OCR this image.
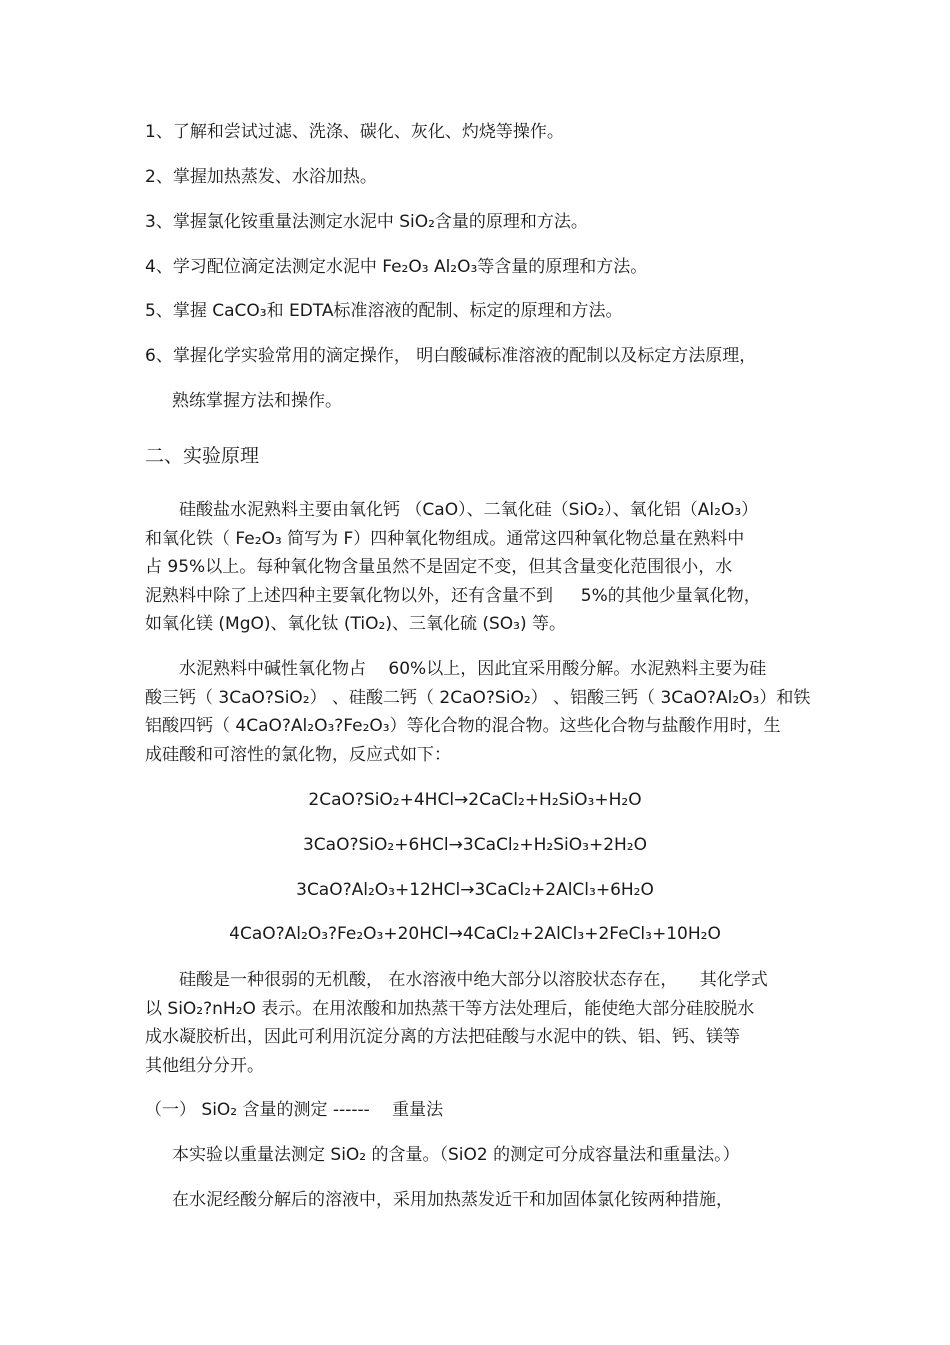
1、了解和尝试过滤、洗涤、碳化、灰化、灼烧等操作。
2、掌握加热蒸发、水浴加热。
3、掌握氯化铵重量法测定水泥中 SiO₂含量的原理和方法。
4、学习配位滴定法测定水泥中 Fe₂O₃ Al₂O₃等含量的原理和方法。
5、掌握 CaCO₃和 EDTA标准溶液的配制、标定的原理和方法。
6、掌握化学实验常用的滴定操作， 明白酸碱标准溶液的配制以及标定方法原理，
熟练掌握方法和操作。
二、实验原理
　　硅酸盐水泥熟料主要由氧化钙 （CaO）、二氧化硅（SiO₂）、氧化铝（Al₂O₃）
和氧化铁（ Fe₂O₃ 简写为 F）四种氧化物组成。通常这四种氧化物总量在熟料中
占 95%以上。每种氧化物含量虽然不是固定不变，但其含量变化范围很小，水
泥熟料中除了上述四种主要氧化物以外，还有含量不到 　 5%的其他少量氧化物，
如氧化镁 (MgO)、氧化钛 (TiO₂)、三氧化硫 (SO₃) 等。
　　水泥熟料中碱性氧化物占 　60%以上，因此宜采用酸分解。水泥熟料主要为硅
酸三钙（ 3CaO?SiO₂） 、硅酸二钙（ 2CaO?SiO₂） 、铝酸三钙（ 3CaO?Al₂O₃）和铁
铝酸四钙（ 4CaO?Al₂O₃?Fe₂O₃）等化合物的混合物。这些化合物与盐酸作用时，生
成硅酸和可溶性的氯化物，反应式如下：
2CaO?SiO₂+4HCl→2CaCl₂+H₂SiO₃+H₂O
3CaO?SiO₂+6HCl→3CaCl₂+H₂SiO₃+2H₂O
3CaO?Al₂O₃+12HCl→3CaCl₂+2AlCl₃+6H₂O
4CaO?Al₂O₃?Fe₂O₃+20HCl→4CaCl₂+2AlCl₃+2FeCl₃+10H₂O
　　硅酸是一种很弱的无机酸， 在水溶液中绝大部分以溶胶状态存在， 　其化学式
以 SiO₂?nH₂O 表示。在用浓酸和加热蒸干等方法处理后，能使绝大部分硅胶脱水
成水凝胶析出，因此可利用沉淀分离的方法把硅酸与水泥中的铁、铝、钙、镁等
其他组分分开。
（一） SiO₂ 含量的测定 ------ 　重量法
本实验以重量法测定 SiO₂ 的含量。（SiO2 的测定可分成容量法和重量法。）
在水泥经酸分解后的溶液中，采用加热蒸发近干和加固体氯化铵两种措施，
